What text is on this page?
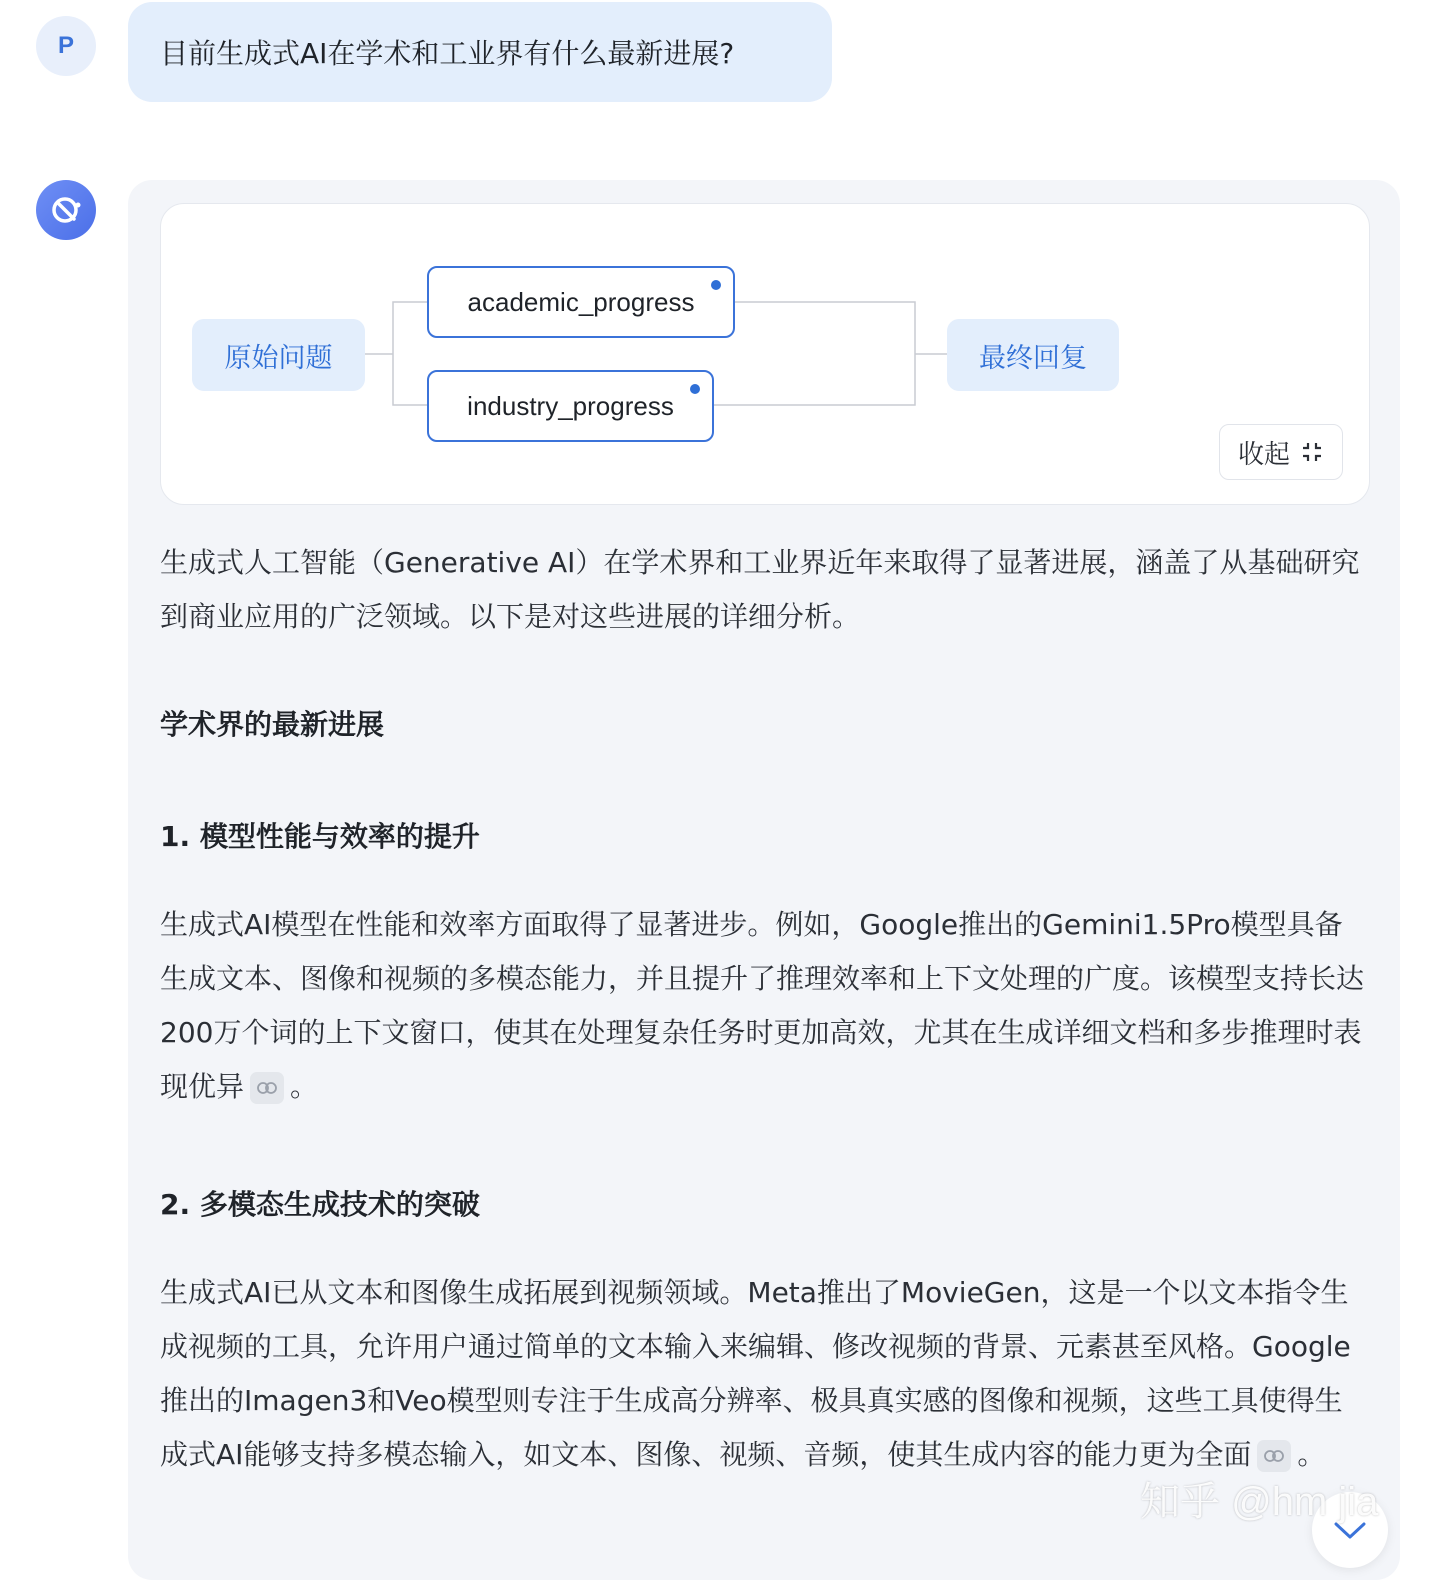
P	目前生成式AI在学术和工业界有什么最新进展?
原始问题
academic_progress
industry_progress
最终回复
收起

生成式人工智能（Generative AI）在学术界和工业界近年来取得了显著进展，涵盖了从基础研究到商业应用的广泛领域。以下是对这些进展的详细分析。

学术界的最新进展

1. 模型性能与效率的提升

生成式AI模型在性能和效率方面取得了显著进步。例如，Google推出的Gemini1.5Pro模型具备生成文本、图像和视频的多模态能力，并且提升了推理效率和上下文处理的广度。该模型支持长达200万个词的上下文窗口，使其在处理复杂任务时更加高效，尤其在生成详细文档和多步推理时表现优异 。

2. 多模态生成技术的突破

生成式AI已从文本和图像生成拓展到视频领域。Meta推出了MovieGen，这是一个以文本指令生成视频的工具，允许用户通过简单的文本输入来编辑、修改视频的背景、元素甚至风格。Google推出的Imagen3和Veo模型则专注于生成高分辨率、极具真实感的图像和视频，这些工具使得生成式AI能够支持多模态输入，如文本、图像、视频、音频，使其生成内容的能力更为全面 。

知乎 @hm jia
